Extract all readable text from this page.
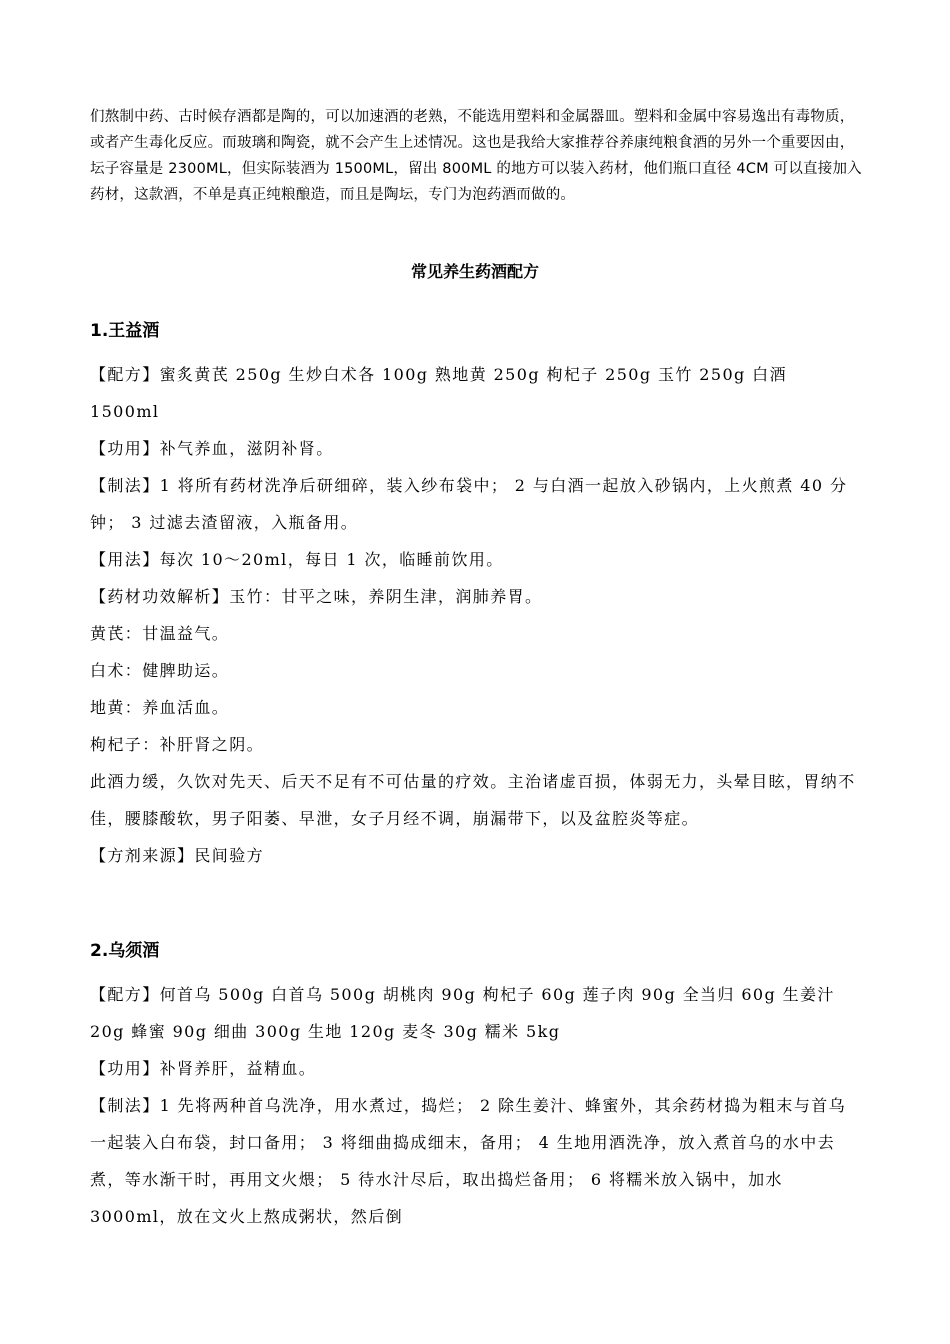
们熬制中药、古时候存酒都是陶的，可以加速酒的老熟，不能选用塑料和金属器皿。塑料和金属中容易逸出有毒物质，或者产生毒化反应。而玻璃和陶瓷，就不会产生上述情况。这也是我给大家推荐谷养康纯粮食酒的另外一个重要因由，坛子容量是 2300ML，但实际装酒为 1500ML，留出 800ML 的地方可以装入药材，他们瓶口直径 4CM 可以直接加入药材，这款酒，不单是真正纯粮酿造，而且是陶坛，专门为泡药酒而做的。

常见养生药酒配方
1.王益酒

【配方】蜜炙黄芪 250g 生炒白术各 100g 熟地黄 250g 枸杞子 250g 玉竹 250g 白酒 1500ml

【功用】补气养血，滋阴补肾。

【制法】1 将所有药材洗净后研细碎，装入纱布袋中； 2 与白酒一起放入砂锅内，上火煎煮 40 分钟； 3 过滤去渣留液，入瓶备用。

【用法】每次 10～20ml，每日 1 次，临睡前饮用。

【药材功效解析】玉竹：甘平之味，养阴生津，润肺养胃。

黄芪：甘温益气。

白术：健脾助运。

地黄：养血活血。

枸杞子：补肝肾之阴。

此酒力缓，久饮对先天、后天不足有不可估量的疗效。主治诸虚百损，体弱无力，头晕目眩，胃纳不佳，腰膝酸软，男子阳萎、早泄，女子月经不调，崩漏带下，以及盆腔炎等症。

【方剂来源】民间验方

2.乌须酒

【配方】何首乌 500g 白首乌 500g 胡桃肉 90g 枸杞子 60g 莲子肉 90g 全当归 60g 生姜汁 20g 蜂蜜 90g 细曲 300g 生地 120g 麦冬 30g 糯米 5kg

【功用】补肾养肝，益精血。

【制法】1 先将两种首乌洗净，用水煮过，捣烂； 2 除生姜汁、蜂蜜外，其余药材捣为粗末与首乌一起装入白布袋，封口备用； 3 将细曲捣成细末，备用； 4 生地用酒洗净，放入煮首乌的水中去煮，等水渐干时，再用文火煨； 5 待水汁尽后，取出捣烂备用； 6 将糯米放入锅中，加水 3000ml，放在文火上熬成粥状，然后倒
